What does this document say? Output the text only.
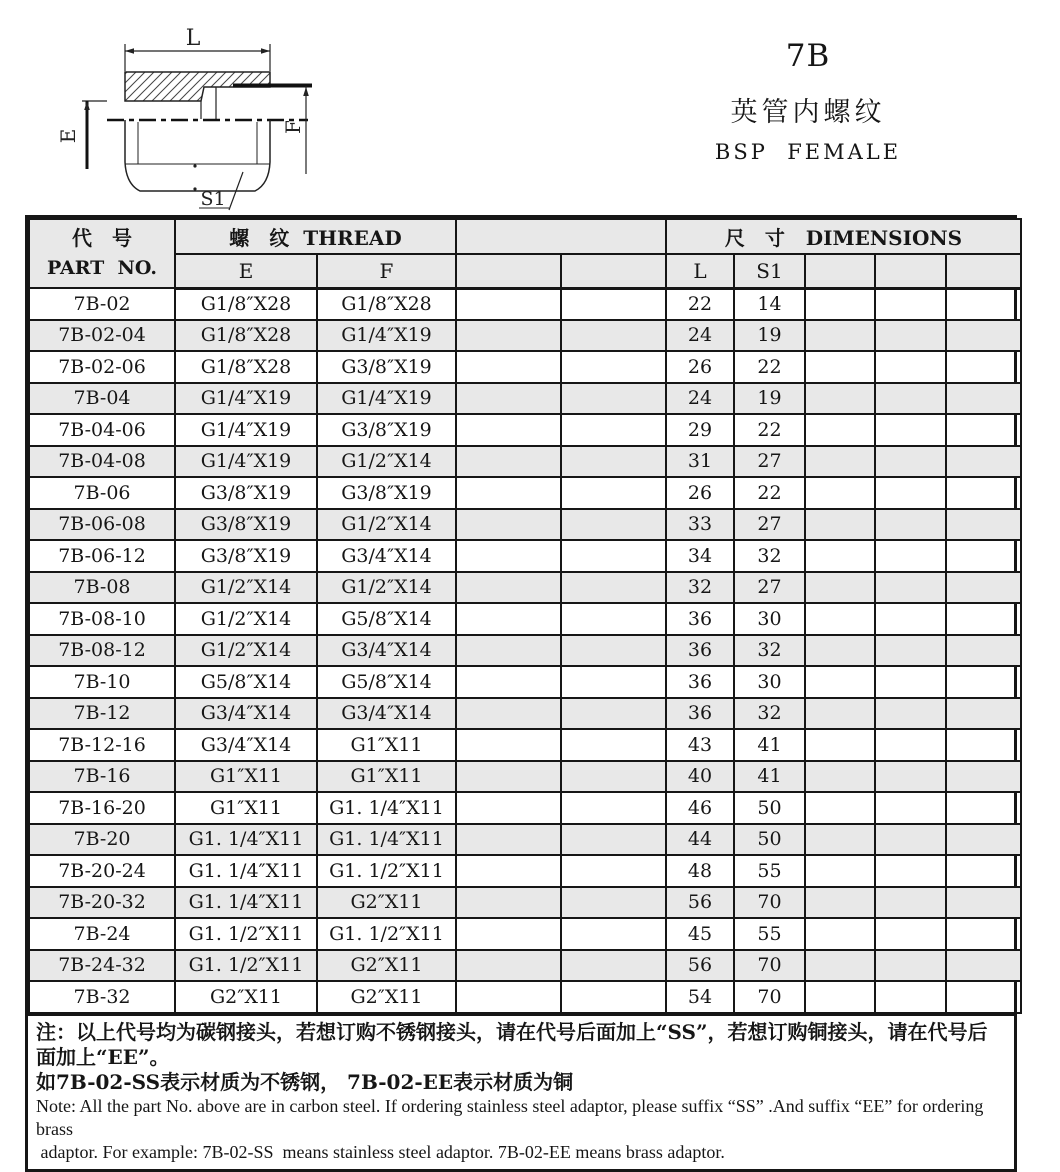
L
E
F
S1
7B
英管内螺纹
BSP  FEMALE
代　号
PART  NO.	螺　纹  THREAD				尺　寸   DIMENSIONS				
	E	F			L	S1			
7B-02	G1/8″X28	G1/8″X28			22	14			
7B-02-04	G1/8″X28	G1/4″X19			24	19			
7B-02-06	G1/8″X28	G3/8″X19			26	22			
7B-04	G1/4″X19	G1/4″X19			24	19			
7B-04-06	G1/4″X19	G3/8″X19			29	22			
7B-04-08	G1/4″X19	G1/2″X14			31	27			
7B-06	G3/8″X19	G3/8″X19			26	22			
7B-06-08	G3/8″X19	G1/2″X14			33	27			
7B-06-12	G3/8″X19	G3/4″X14			34	32			
7B-08	G1/2″X14	G1/2″X14			32	27			
7B-08-10	G1/2″X14	G5/8″X14			36	30			
7B-08-12	G1/2″X14	G3/4″X14			36	32			
7B-10	G5/8″X14	G5/8″X14			36	30			
7B-12	G3/4″X14	G3/4″X14			36	32			
7B-12-16	G3/4″X14	G1″X11			43	41			
7B-16	G1″X11	G1″X11			40	41			
7B-16-20	G1″X11	G1. 1/4″X11			46	50			
7B-20	G1. 1/4″X11	G1. 1/4″X11			44	50			
7B-20-24	G1. 1/4″X11	G1. 1/2″X11			48	55			
7B-20-32	G1. 1/4″X11	G2″X11			56	70			
7B-24	G1. 1/2″X11	G1. 1/2″X11			45	55			
7B-24-32	G1. 1/2″X11	G2″X11			56	70			
7B-32	G2″X11	G2″X11			54	70			
注：以上代号均为碳钢接头，若想订购不锈钢接头，请在代号后面加上“SS”，若想订购铜接头，请在代号后面加上“EE”。
如7B-02-SS表示材质为不锈钢， 7B-02-EE表示材质为铜
Note: All the part No. above are in carbon steel. If ordering stainless steel adaptor, please suffix “SS” .And suffix “EE” for ordering brass
adaptor. For example: 7B-02-SS  means stainless steel adaptor. 7B-02-EE means brass adaptor.
